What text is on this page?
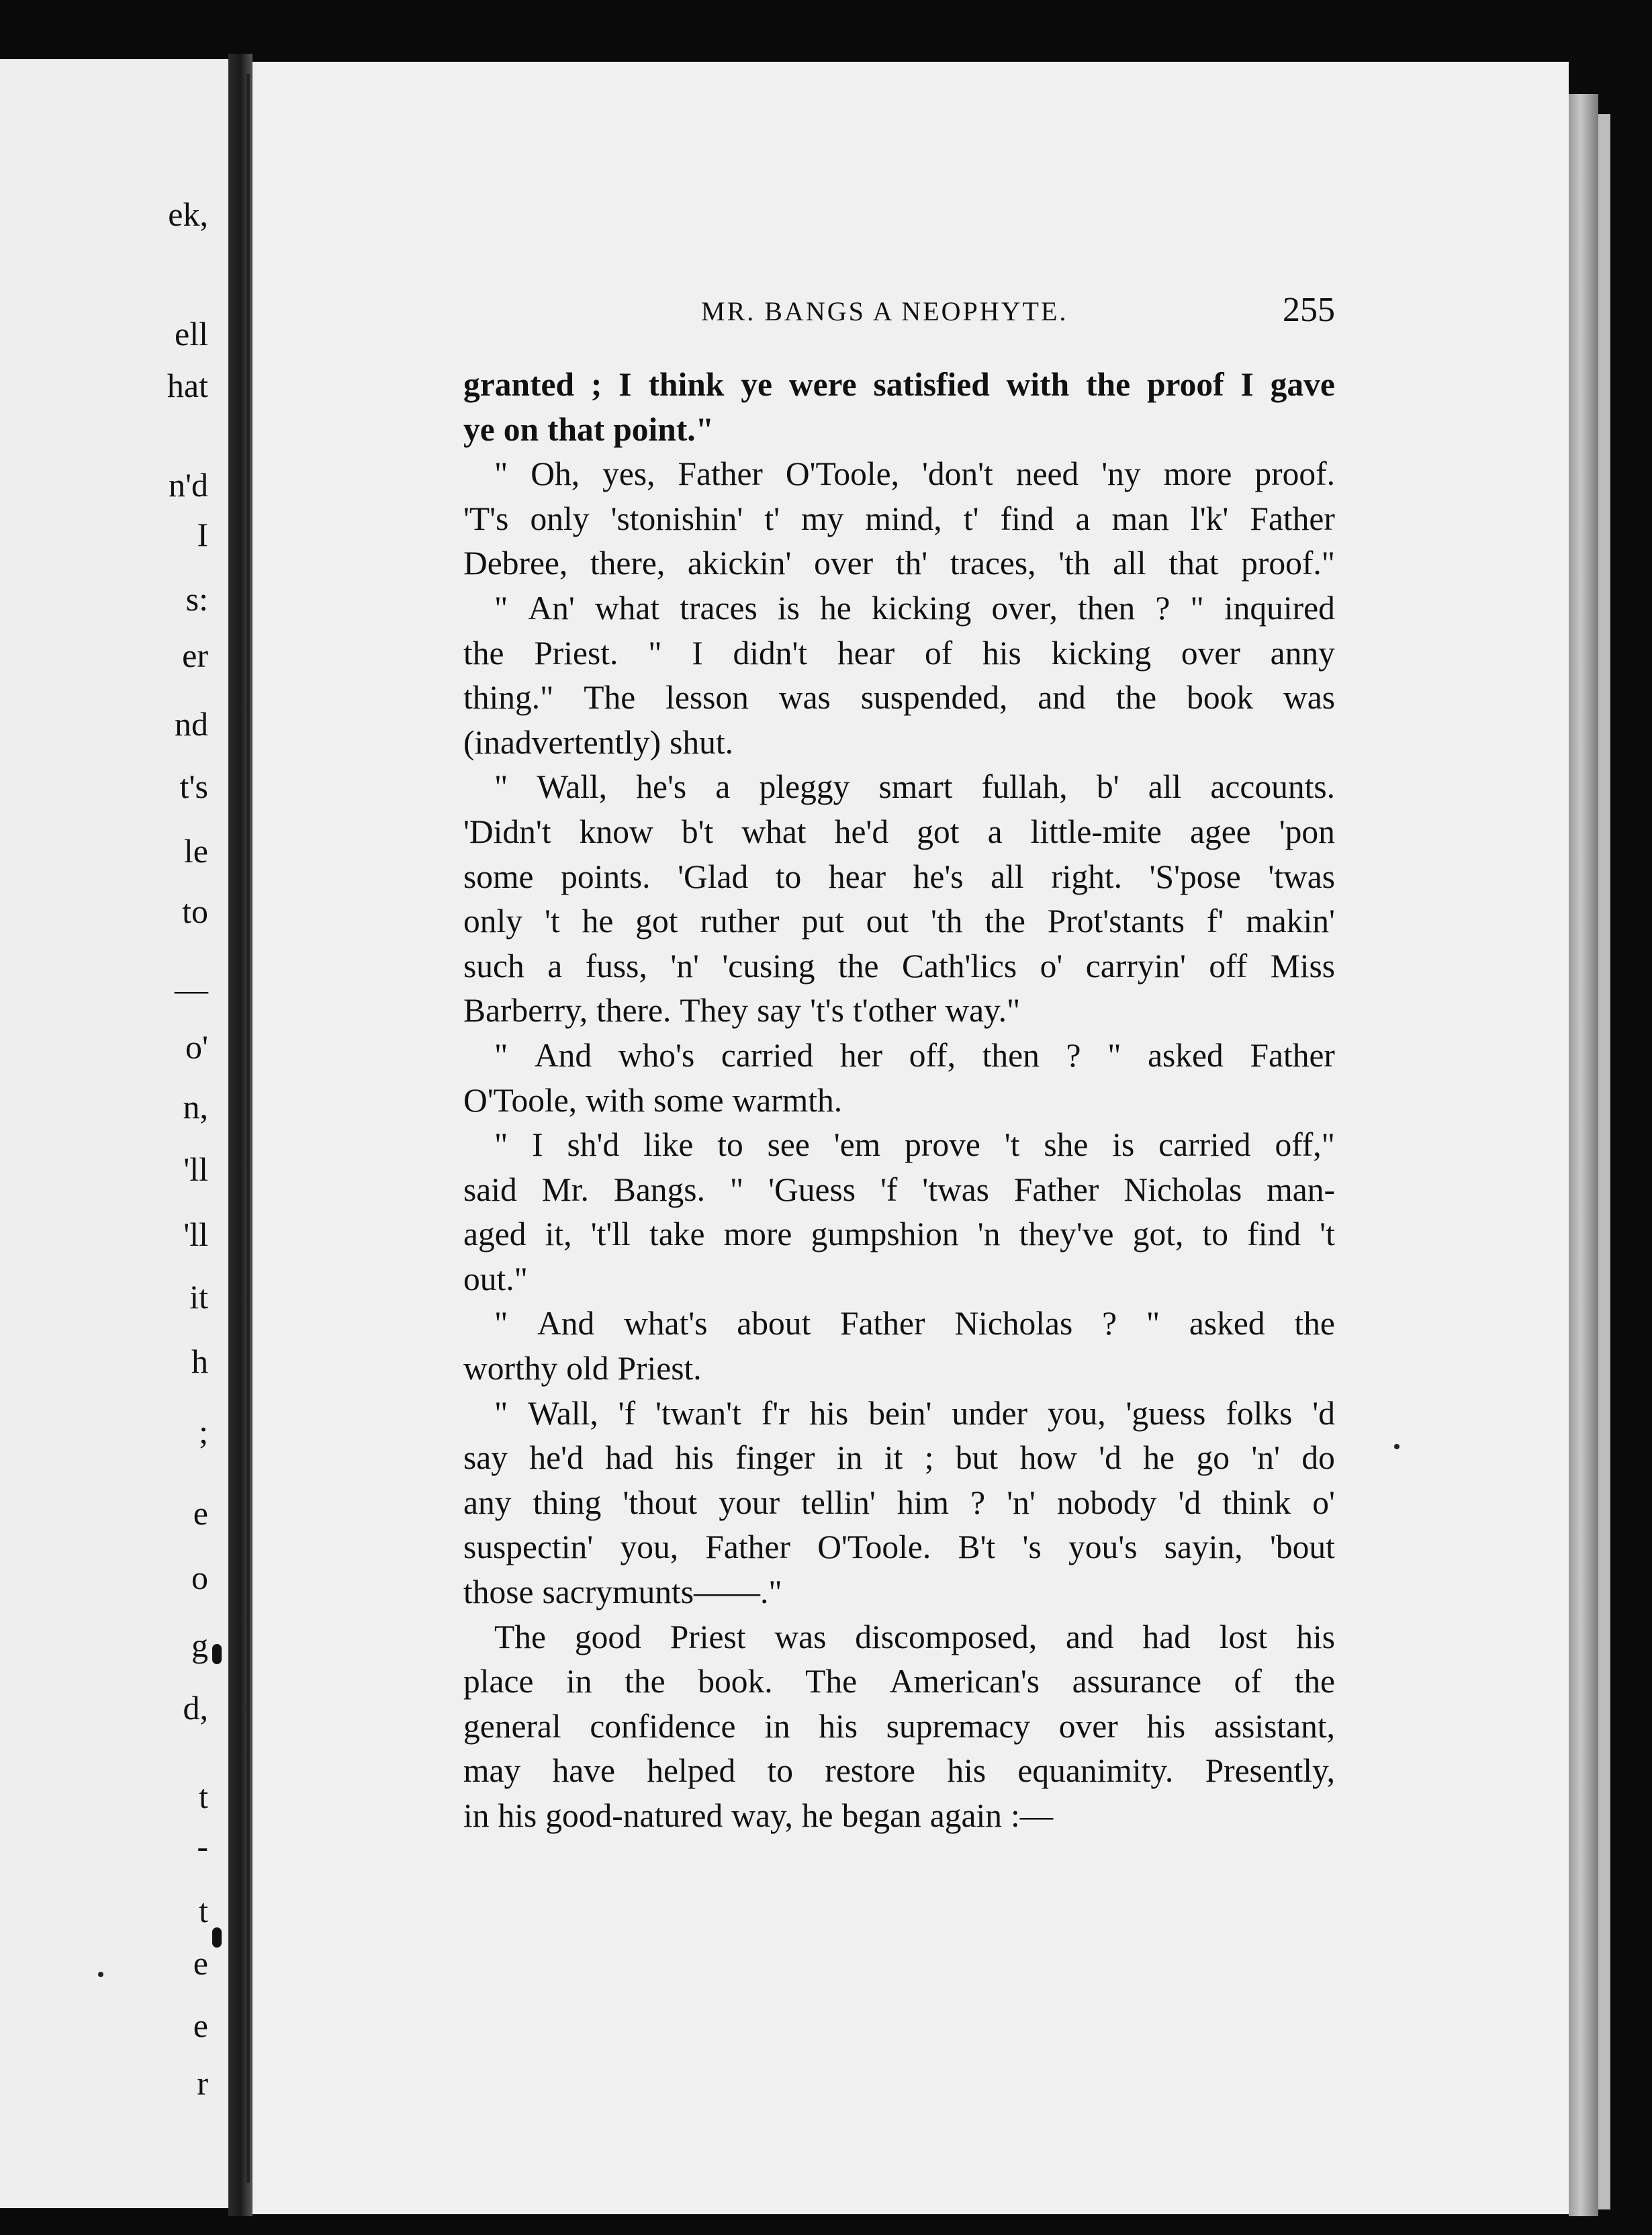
ek,
ell
hat
n'd
I
s:
er
nd
t's
le
to
—
o'
n,
'll
'll
it
h
;
e
o
g
d,
t
-
t
e
e
r
MR. BANGS A NEOPHYTE.	255
granted ; I think ye were satisfied with the proof I gave
ye on that point."
" Oh, yes, Father O'Toole, 'don't need 'ny more proof.
'T's only 'stonishin' t' my mind, t' find a man l'k' Father
Debree, there, akickin' over th' traces, 'th all that proof."
" An' what traces is he kicking over, then ? " inquired
the Priest. " I didn't hear of his kicking over anny
thing." The lesson was suspended, and the book was
(inadvertently) shut.
" Wall, he's a pleggy smart fullah, b' all accounts.
'Didn't know b't what he'd got a little-mite agee 'pon
some points. 'Glad to hear he's all right. 'S'pose 'twas
only 't he got ruther put out 'th the Prot'stants f' makin'
such a fuss, 'n' 'cusing the Cath'lics o' carryin' off Miss
Barberry, there. They say 't's t'other way."
" And who's carried her off, then ? " asked Father
O'Toole, with some warmth.
" I sh'd like to see 'em prove 't she is carried off,"
said Mr. Bangs. " 'Guess 'f 'twas Father Nicholas man-
aged it, 't'll take more gumpshion 'n they've got, to find 't
out."
" And what's about Father Nicholas ? " asked the
worthy old Priest.
" Wall, 'f 'twan't f'r his bein' under you, 'guess folks 'd
say he'd had his finger in it ; but how 'd he go 'n' do
any thing 'thout your tellin' him ? 'n' nobody 'd think o'
suspectin' you, Father O'Toole. B't 's you's sayin, 'bout
those sacrymunts——."
The good Priest was discomposed, and had lost his
place in the book. The American's assurance of the
general confidence in his supremacy over his assistant,
may have helped to restore his equanimity. Presently,
in his good-natured way, he began again :—
